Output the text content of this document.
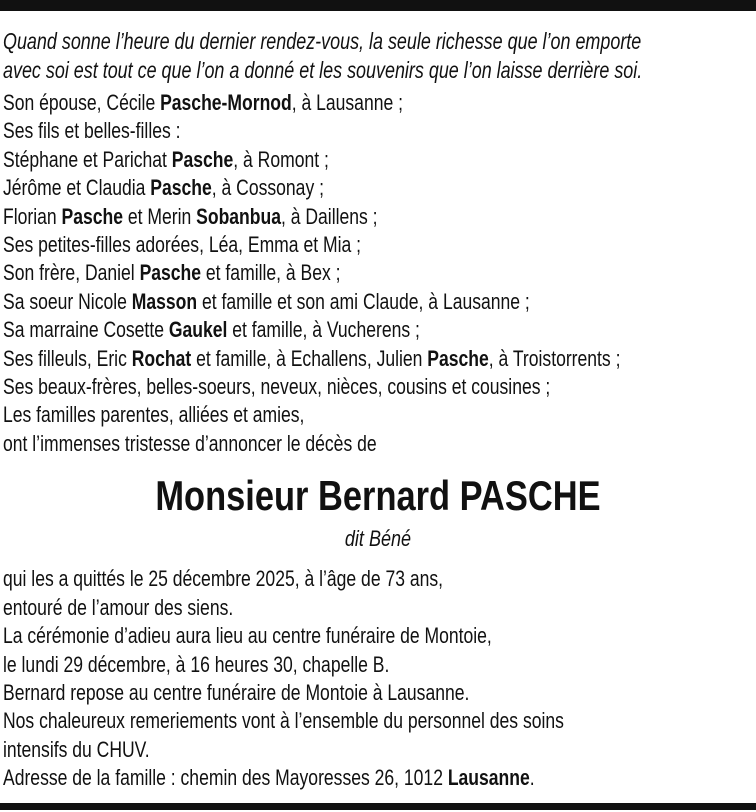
Quand sonne l’heure du dernier rendez-vous, la seule richesse que l’on emporte
avec soi est tout ce que l’on a donné et les souvenirs que l’on laisse derrière soi.
Son épouse, Cécile Pasche-Mornod, à Lausanne ;
Ses fils et belles-filles :
Stéphane et Parichat Pasche, à Romont ;
Jérôme et Claudia Pasche, à Cossonay ;
Florian Pasche et Merin Sobanbua, à Daillens ;
Ses petites-filles adorées, Léa, Emma et Mia ;
Son frère, Daniel Pasche et famille, à Bex ;
Sa soeur Nicole Masson et famille et son ami Claude, à Lausanne ;
Sa marraine Cosette Gaukel et famille, à Vucherens ;
Ses filleuls, Eric Rochat et famille, à Echallens, Julien Pasche, à Troistorrents ;
Ses beaux-frères, belles-soeurs, neveux, nièces, cousins et cousines ;
Les familles parentes, alliées et amies,
ont l’immenses tristesse d’annoncer le décès de
Monsieur Bernard PASCHE
dit Béné
qui les a quittés le 25 décembre 2025, à l’âge de 73 ans,
entouré de l’amour des siens.
La cérémonie d’adieu aura lieu au centre funéraire de Montoie,
le lundi 29 décembre, à 16 heures 30, chapelle B.
Bernard repose au centre funéraire de Montoie à Lausanne.
Nos chaleureux remeriements vont à l’ensemble du personnel des soins
intensifs du CHUV.
Adresse de la famille : chemin des Mayoresses 26, 1012 Lausanne.
